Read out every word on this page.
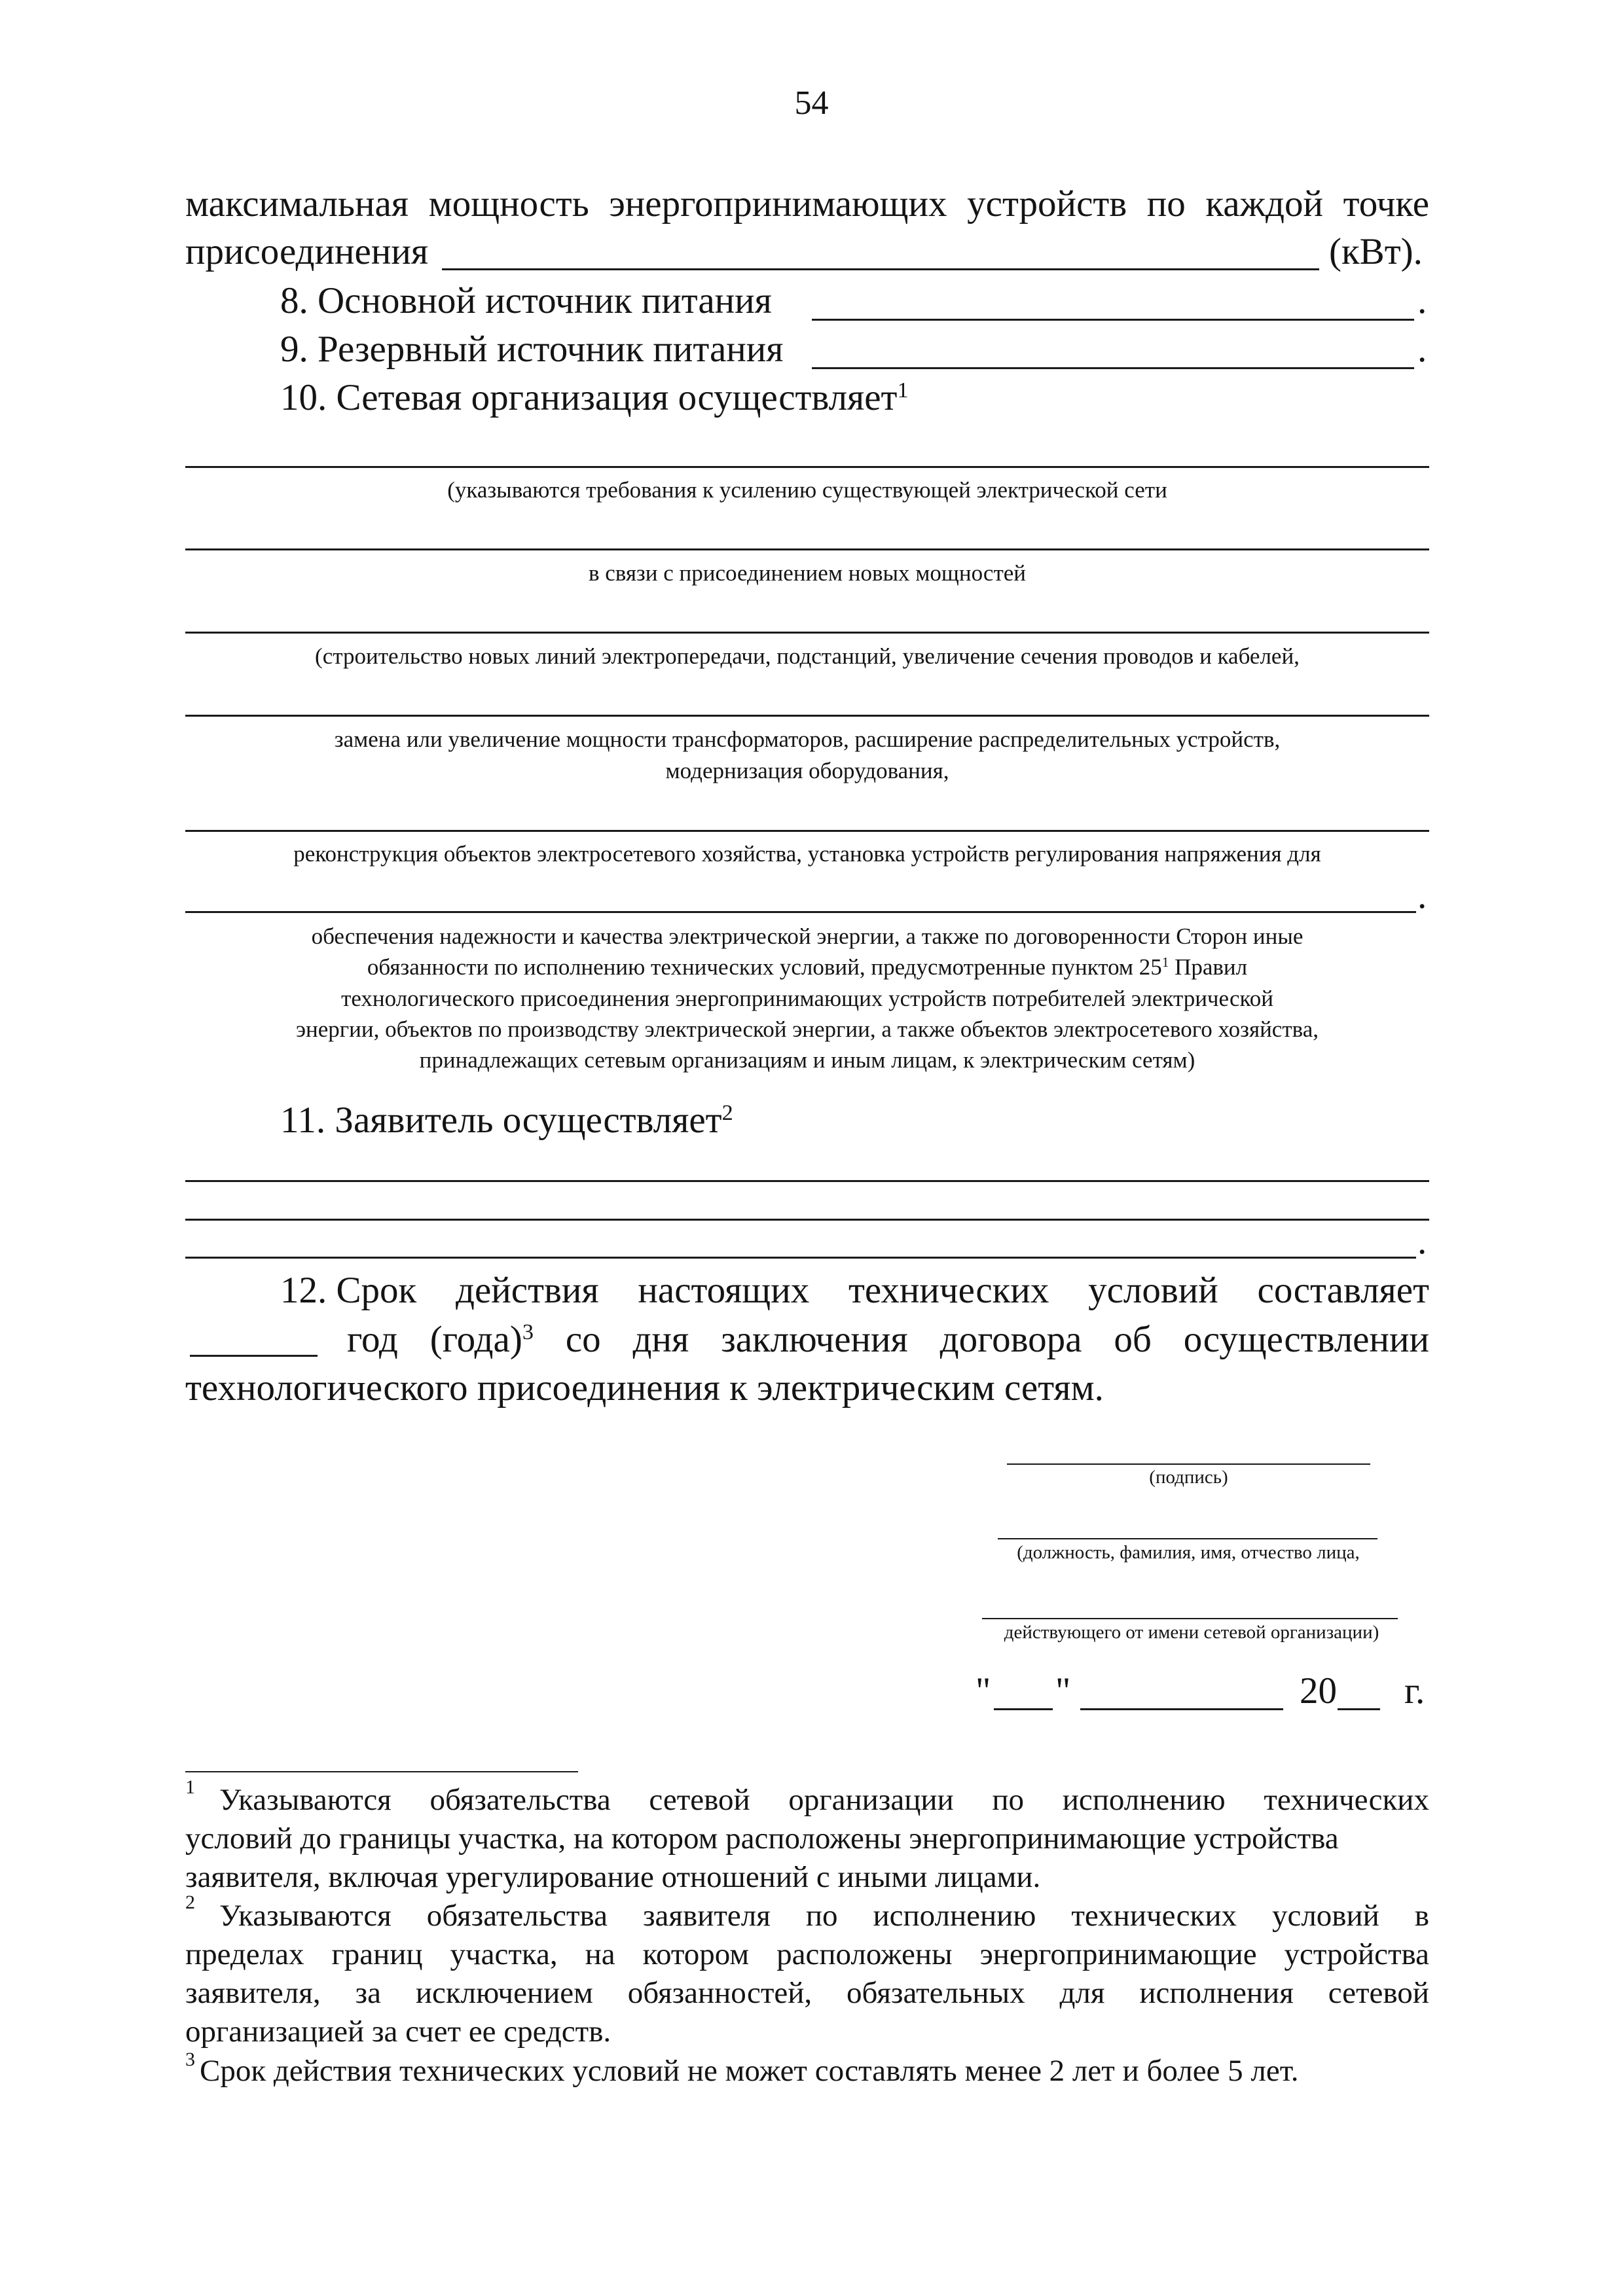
54
максимальная мощность энергопринимающих устройств по каждой точке
присоединения	(кВт).
8. Основной источник питания	.
9. Резервный источник питания	.
10. Сетевая организация осуществляет$^1$
(указываются требования к усилению существующей электрической сети
в связи с присоединением новых мощностей
(строительство новых линий электропередачи, подстанций, увеличение сечения проводов и кабелей,
замена или увеличение мощности трансформаторов, расширение распределительных устройств,
модернизация оборудования,
реконструкция объектов электросетевого хозяйства, установка устройств регулирования напряжения для
.
обеспечения надежности и качества электрической энергии, а также по договоренности Сторон иные
обязанности по исполнению технических условий, предусмотренные пунктом $25^1$ Правил
технологического присоединения энергопринимающих устройств потребителей электрической
энергии, объектов по производству электрической энергии, а также объектов электросетевого хозяйства,
принадлежащих сетевым организациям и иным лицам, к электрическим сетям)
11. Заявитель осуществляет$^2$
.
12. Срок действия настоящих технических условий составляет
год (года)$^3$ со дня заключения договора об осуществлении
технологического присоединения к электрическим сетям.
(подпись)
(должность, фамилия, имя, отчество лица,
действующего от имени сетевой организации)
" "	20 г.
1 Указываются обязательства сетевой организации по исполнению технических
условий до границы участка, на котором расположены энергопринимающие устройства
заявителя, включая урегулирование отношений с иными лицами.
2 Указываются обязательства заявителя по исполнению технических условий в
пределах границ участка, на котором расположены энергопринимающие устройства
заявителя, за исключением обязанностей, обязательных для исполнения сетевой
организацией за счет ее средств.
3 Срок действия технических условий не может составлять менее 2 лет и более 5 лет.
